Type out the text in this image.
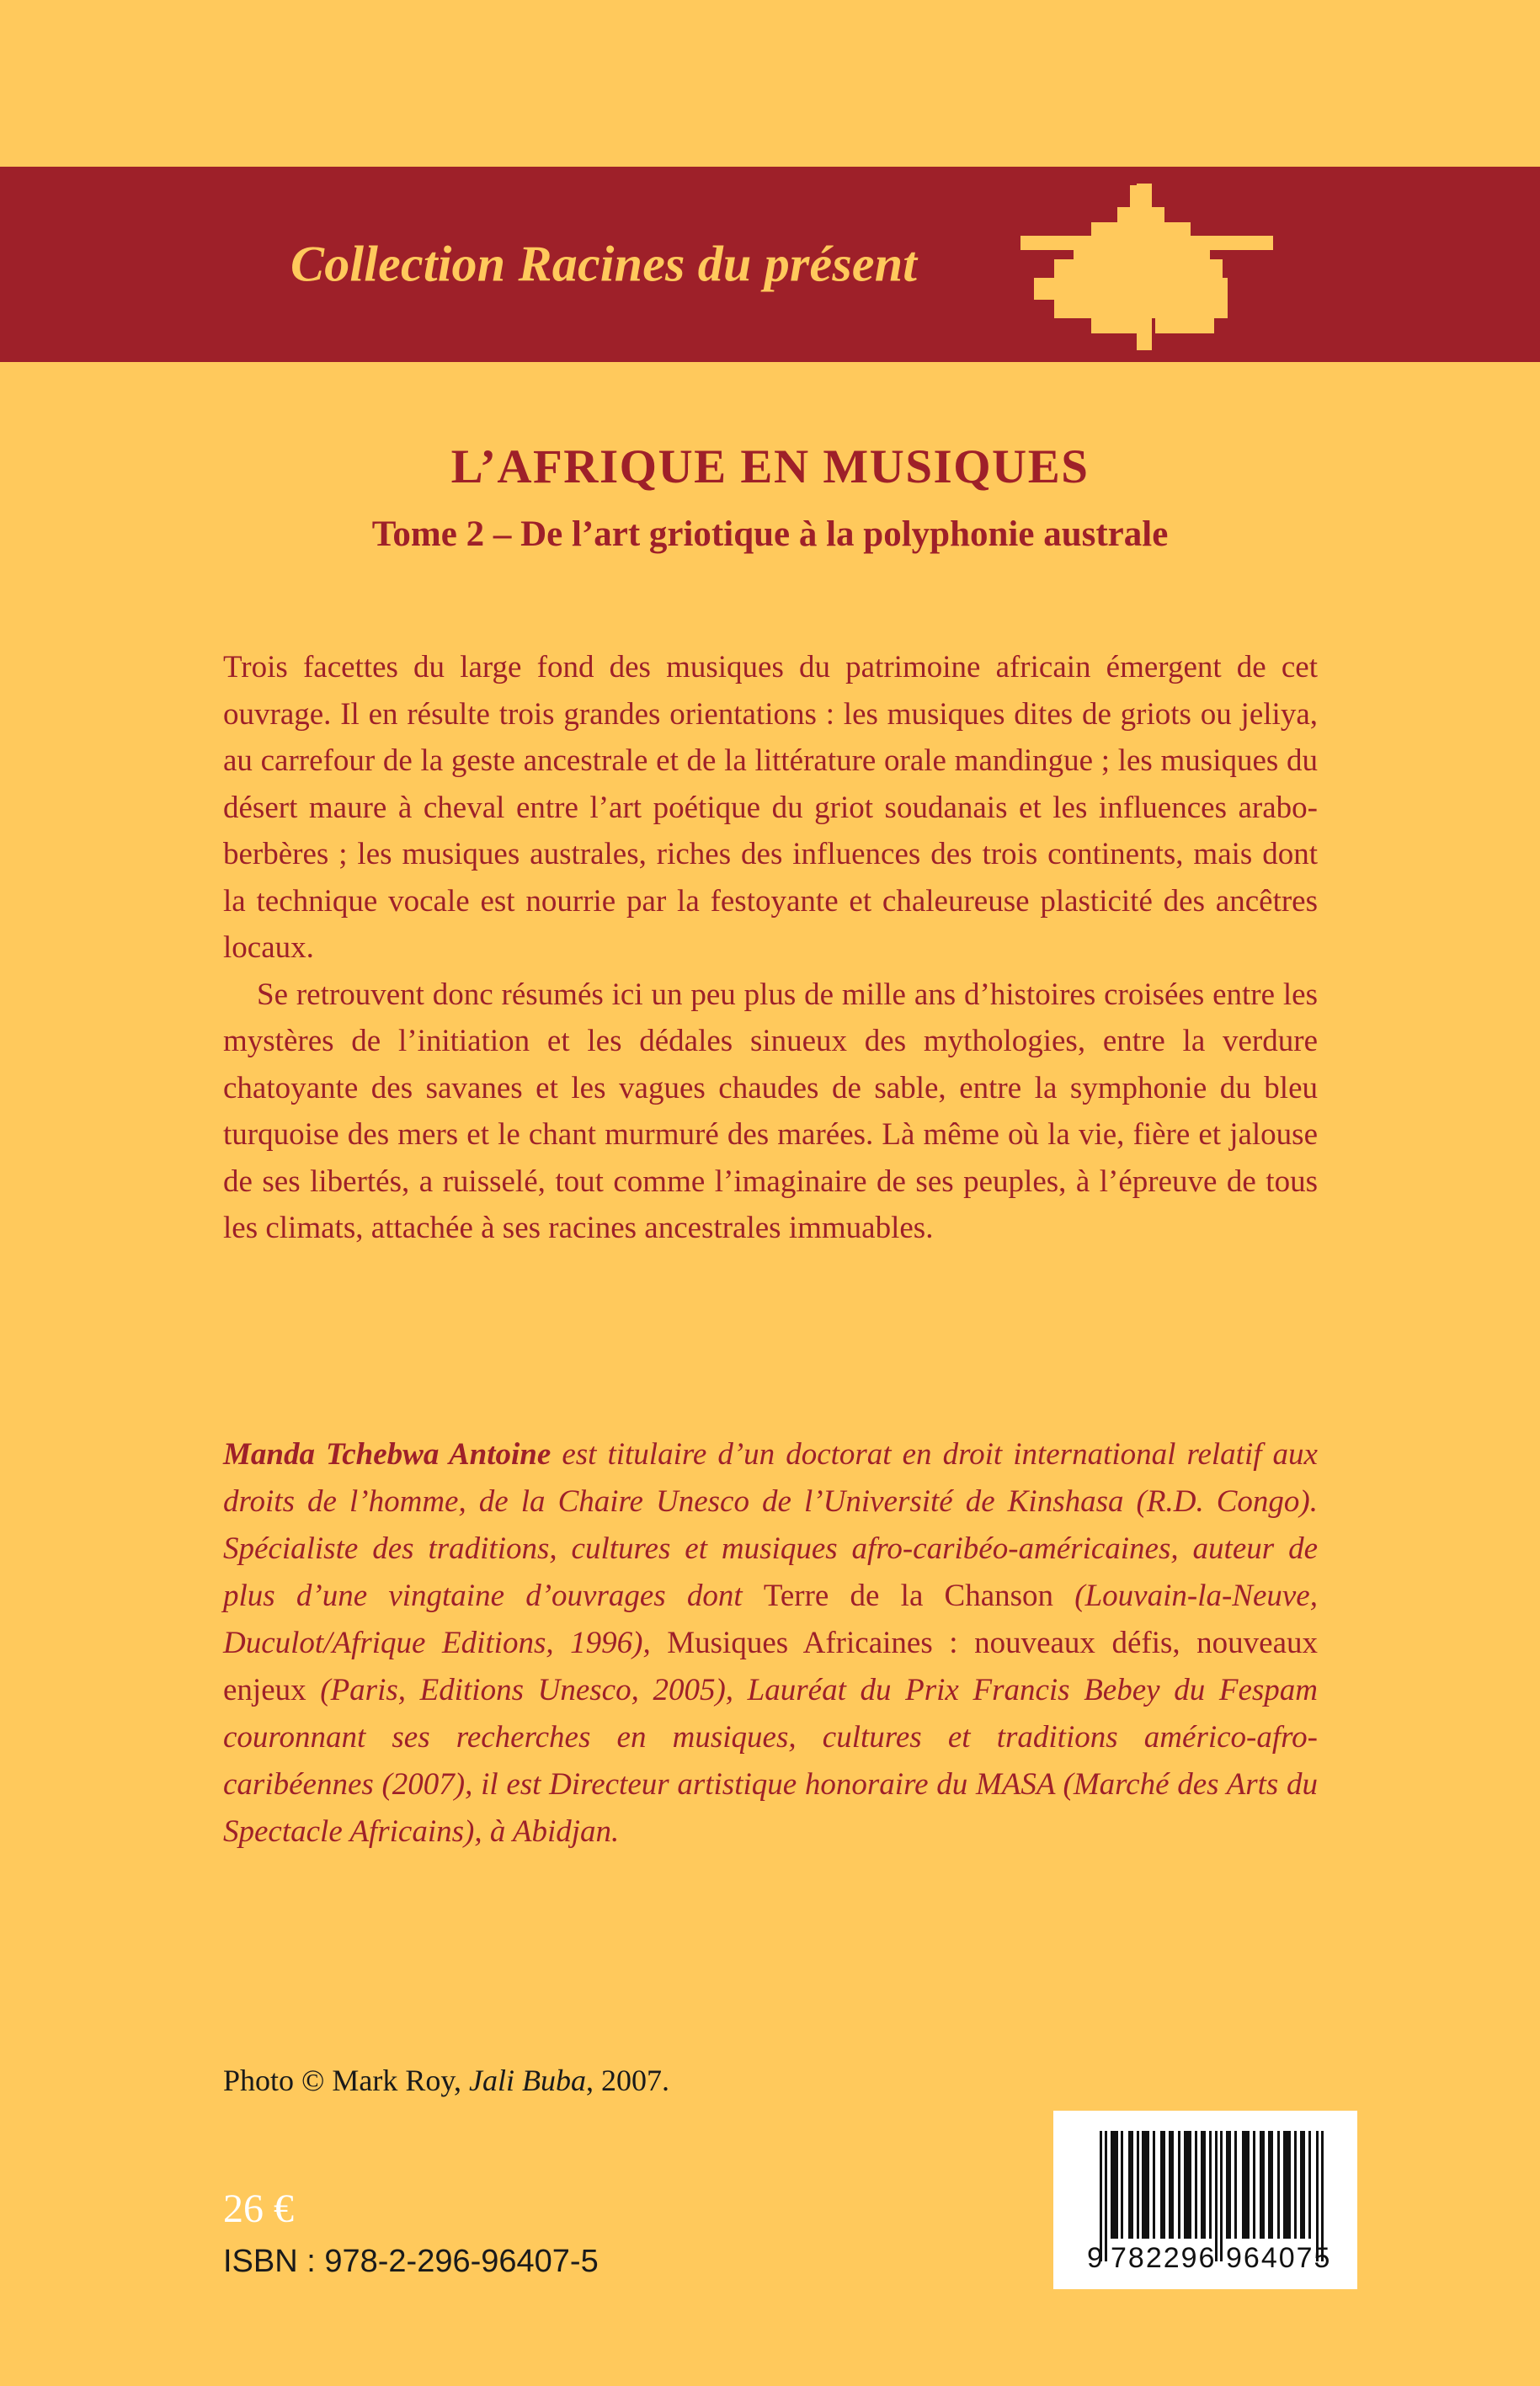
Collection Racines du présent
L’AFRIQUE EN MUSIQUES
Tome 2 – De l’art griotique à la polyphonie australe

Trois facettes du large fond des musiques du patrimoine africain émergent de cet ouvrage. Il en résulte trois grandes orientations : les musiques dites de griots ou jeliya, au carrefour de la geste ancestrale et de la littérature orale mandingue ; les musiques du désert maure à cheval entre l’art poétique du griot soudanais et les influences arabo-berbères ; les musiques australes, riches des influences des trois continents, mais dont la technique vocale est nourrie par la festoyante et chaleureuse plasticité des ancêtres locaux.

Se retrouvent donc résumés ici un peu plus de mille ans d’histoires croisées entre les mystères de l’initiation et les dédales sinueux des mythologies, entre la verdure chatoyante des savanes et les vagues chaudes de sable, entre la symphonie du bleu turquoise des mers et le chant murmuré des marées. Là même où la vie, fière et jalouse de ses libertés, a ruisselé, tout comme l’imaginaire de ses peuples, à l’épreuve de tous les climats, attachée à ses racines ancestrales immuables.

Manda Tchebwa Antoine est titulaire d’un doctorat en droit international relatif aux droits de l’homme, de la Chaire Unesco de l’Université de Kinshasa (R.D. Congo). Spécialiste des traditions, cultures et musiques afro-caribéo-américaines, auteur de plus d’une vingtaine d’ouvrages dont Terre de la Chanson (Louvain-la-Neuve, Duculot/Afrique Editions, 1996), Musiques Africaines : nouveaux défis, nouveaux enjeux (Paris, Editions Unesco, 2005), Lauréat du Prix Francis Bebey du Fespam couronnant ses recherches en musiques, cultures et traditions américo-afro-caribéennes (2007), il est Directeur artistique honoraire du MASA (Marché des Arts du Spectacle Africains), à Abidjan.

Photo © Mark Roy, Jali Buba, 2007.
26 €
ISBN : 978-2-296-96407-5	9 782296 964075
